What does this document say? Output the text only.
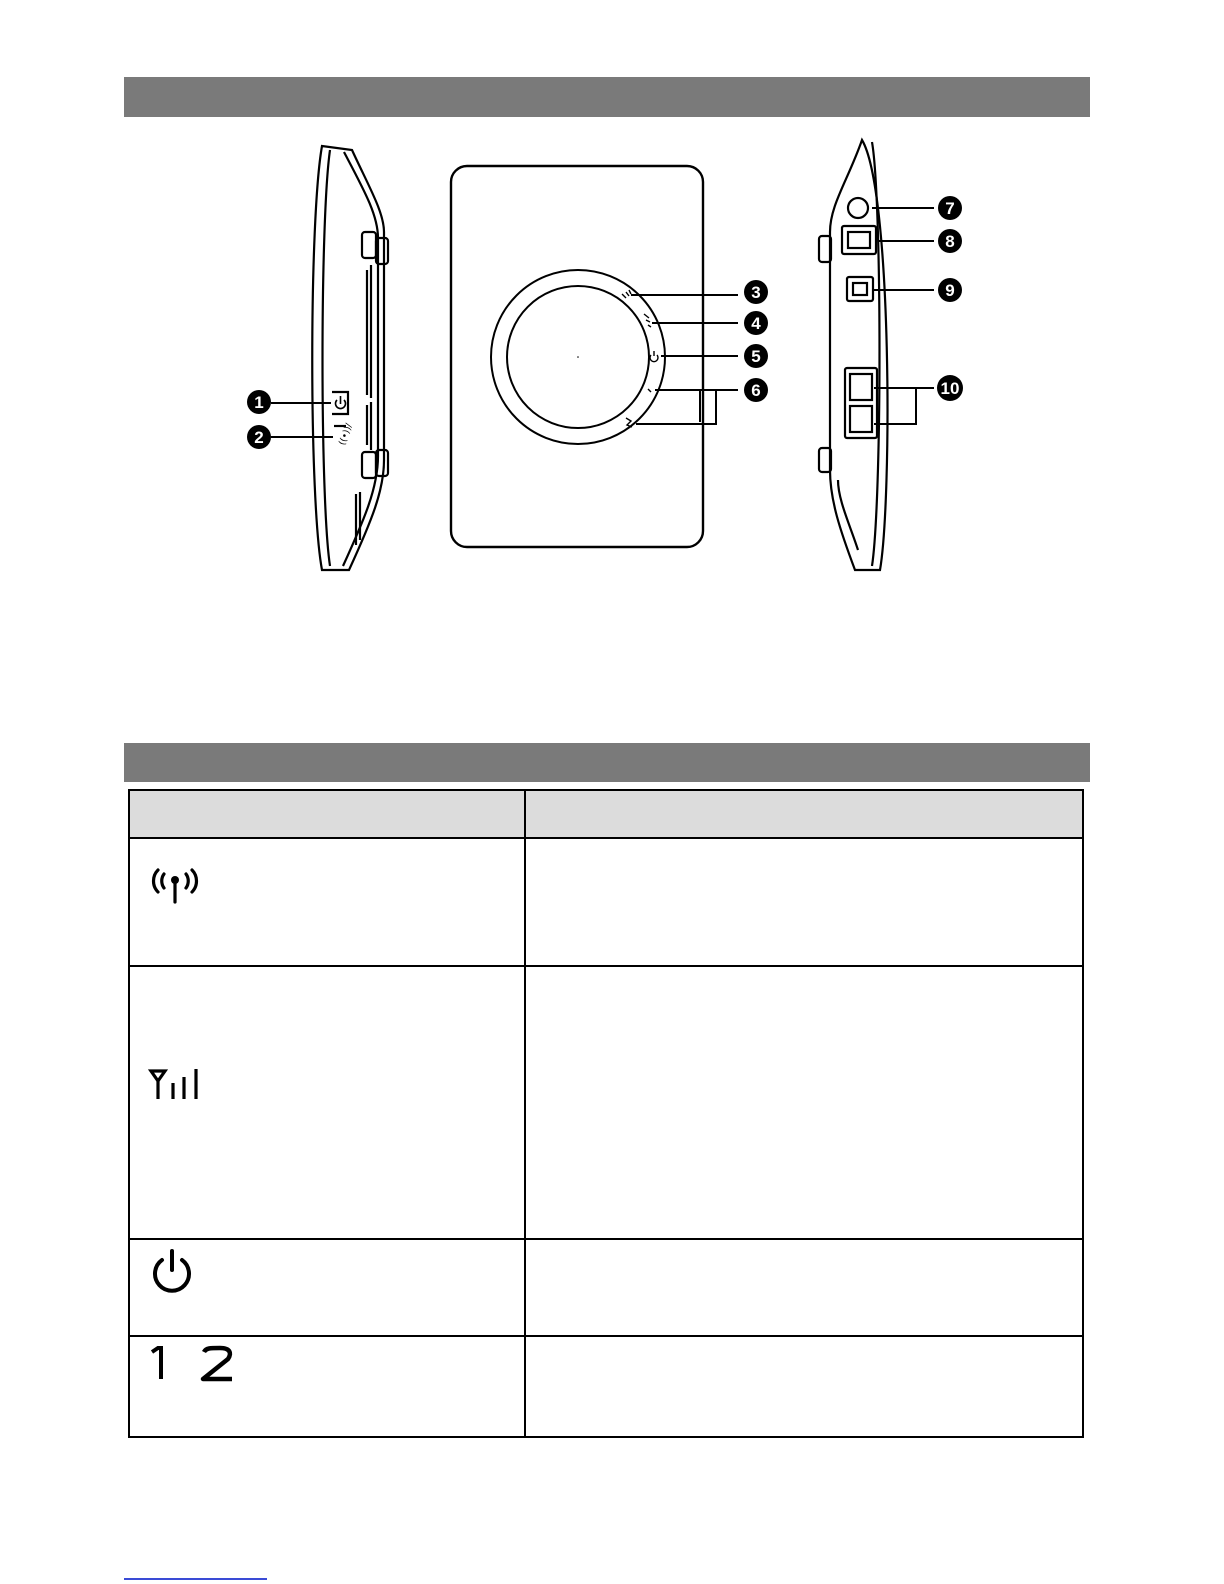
((•))/
1
2
3
4
5
6
7
8
9
10
